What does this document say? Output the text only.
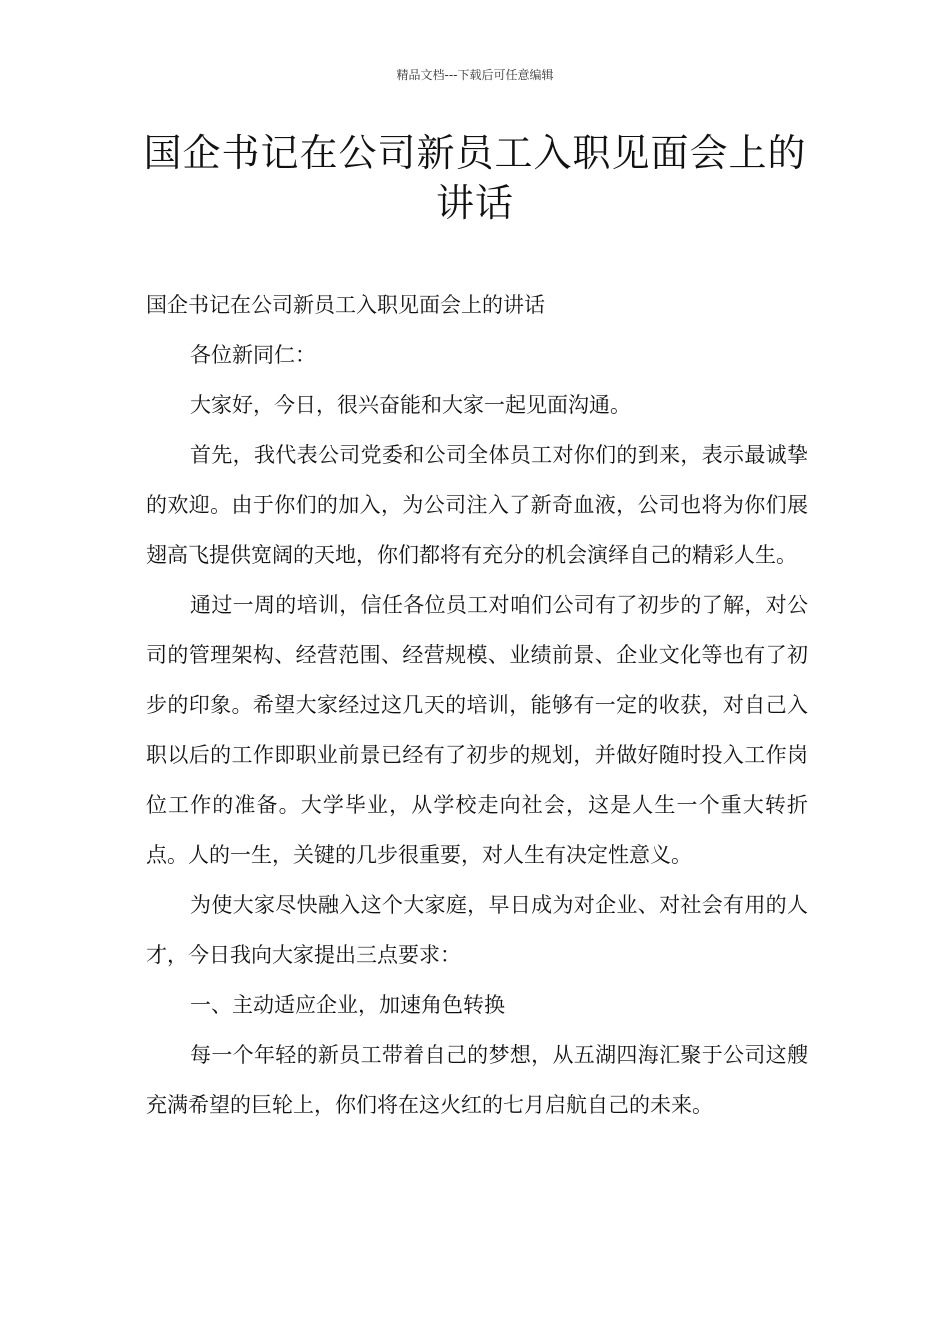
精品文档---下载后可任意编辑
国企书记在公司新员工入职见面会上的讲话

国企书记在公司新员工入职见面会上的讲话

各位新同仁：

大家好，今日，很兴奋能和大家一起见面沟通。

首先，我代表公司党委和公司全体员工对你们的到来，表示最诚挚的欢迎。由于你们的加入，为公司注入了新奇血液，公司也将为你们展翅高飞提供宽阔的天地，你们都将有充分的机会演绎自己的精彩人生。

通过一周的培训，信任各位员工对咱们公司有了初步的了解，对公司的管理架构、经营范围、经营规模、业绩前景、企业文化等也有了初步的印象。希望大家经过这几天的培训，能够有一定的收获，对自己入职以后的工作即职业前景已经有了初步的规划，并做好随时投入工作岗位工作的准备。大学毕业，从学校走向社会，这是人生一个重大转折点。人的一生，关键的几步很重要，对人生有决定性意义。

为使大家尽快融入这个大家庭，早日成为对企业、对社会有用的人才，今日我向大家提出三点要求：

一、主动适应企业，加速角色转换

每一个年轻的新员工带着自己的梦想，从五湖四海汇聚于公司这艘充满希望的巨轮上，你们将在这火红的七月启航自己的未来。
